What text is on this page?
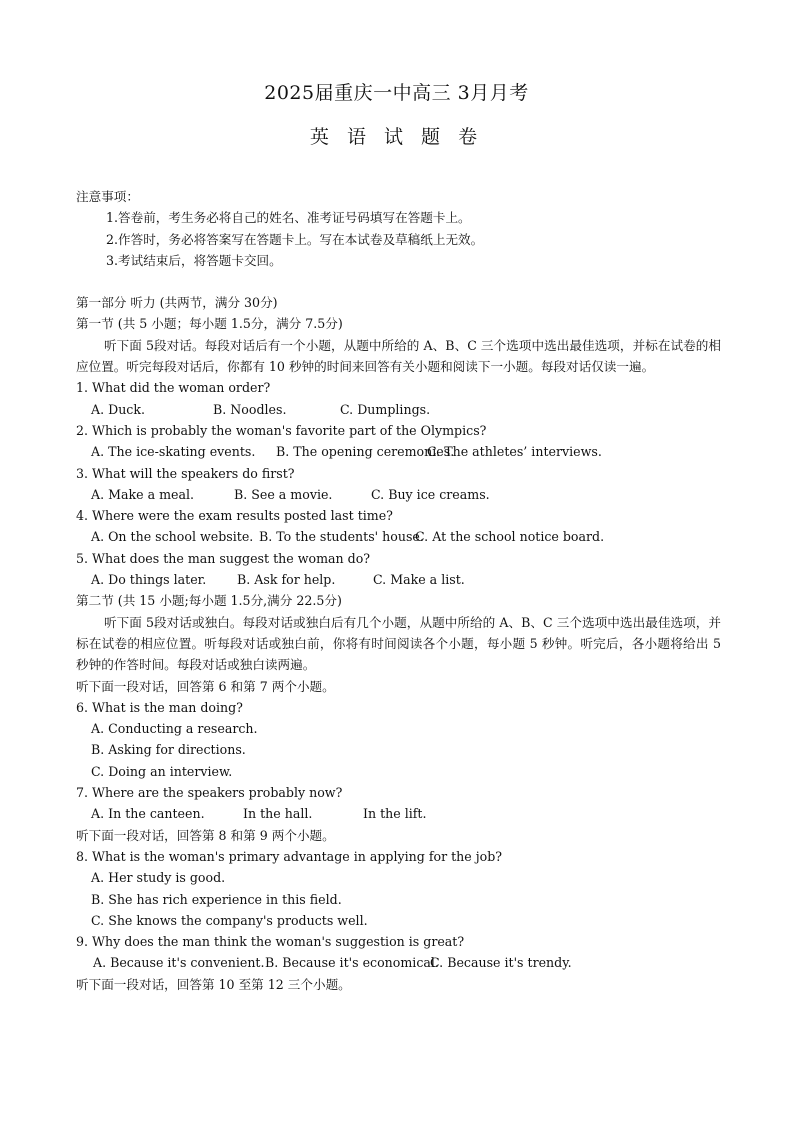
2025届重庆一中高三 3月月考
英 语 试 题 卷
注意事项：
1.答卷前，考生务必将自己的姓名、准考证号码填写在答题卡上。
2.作答时，务必将答案写在答题卡上。写在本试卷及草稿纸上无效。
3.考试结束后，将答题卡交回。
第一部分 听力 (共两节，满分 30分)
第一节 (共 5 小题；每小题 1.5分，满分 7.5分)
听下面 5段对话。每段对话后有一个小题，从题中所给的 A、B、C 三个选项中选出最佳选项，并标在试卷的相应位置。听完每段对话后，你都有 10 秒钟的时间来回答有关小题和阅读下一小题。每段对话仅读一遍。
1. What did the woman order?
A. Duck.	B. Noodles.	C. Dumplings.
2. Which is probably the woman's favorite part of the Olympics?
A. The ice-skating events. B. The opening ceremonies.C. The athletes’ interviews.
3. What will the speakers do first?
A. Make a meal.	B. See a movie.	C. Buy ice creams.
4. Where were the exam results posted last time?
A. On the school website. B. To the students' house.C. At the school notice board.
5. What does the man suggest the woman do?
A. Do things later. B. Ask for help.	C. Make a list.
第二节 (共 15 小题;每小题 1.5分,满分 22.5分)
听下面 5段对话或独白。每段对话或独白后有几个小题，从题中所给的 A、B、C 三个选项中选出最佳选项，并标在试卷的相应位置。听每段对话或独白前，你将有时间阅读各个小题，每小题 5 秒钟。听完后，各小题将给出 5 秒钟的作答时间。每段对话或独白读两遍。
听下面一段对话，回答第 6 和第 7 两个小题。
6. What is the man doing?
A. Conducting a research.
B. Asking for directions.
C. Doing an interview.
7. Where are the speakers probably now?
A. In the canteen.	In the hall.	In the lift.
听下面一段对话，回答第 8 和第 9 两个小题。
8. What is the woman's primary advantage in applying for the job?
A. Her study is good.
B. She has rich experience in this field.
C. She knows the company's products well.
9. Why does the man think the woman's suggestion is great?
A. Because it's convenient.B. Because it's economical.C. Because it's trendy.
听下面一段对话，回答第 10 至第 12 三个小题。
